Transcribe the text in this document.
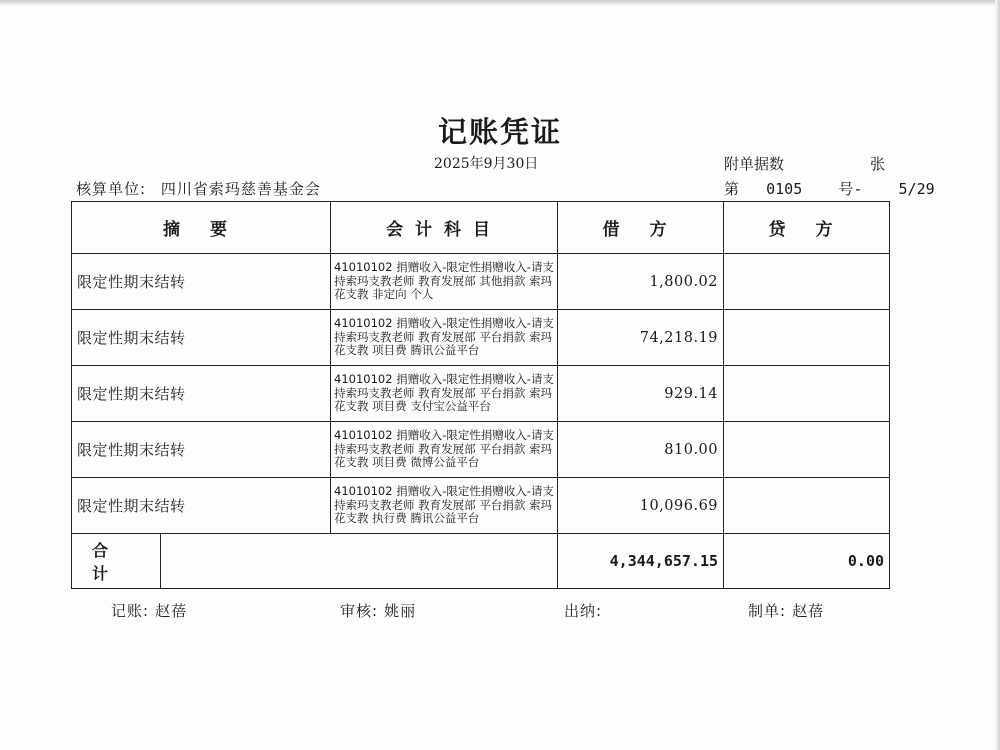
记账凭证
2025年9月30日	附单据数	张
核算单位: 四川省索玛慈善基金会	第 0105 号- 5/29
摘 要		会计科目	借 方	贷 方
限定性期末结转		41010102 捐赠收入-限定性捐赠收入-请支持索玛支教老师 教育发展部 其他捐款 索玛花支教 非定向 个人	1,800.02	
限定性期末结转		41010102 捐赠收入-限定性捐赠收入-请支持索玛支教老师 教育发展部 平台捐款 索玛花支教 项目费 腾讯公益平台	74,218.19	
限定性期末结转		41010102 捐赠收入-限定性捐赠收入-请支持索玛支教老师 教育发展部 平台捐款 索玛花支教 项目费 支付宝公益平台	929.14	
限定性期末结转		41010102 捐赠收入-限定性捐赠收入-请支持索玛支教老师 教育发展部 平台捐款 索玛花支教 项目费 微博公益平台	810.00	
限定性期末结转		41010102 捐赠收入-限定性捐赠收入-请支持索玛支教老师 教育发展部 平台捐款 索玛花支教 执行费 腾讯公益平台	10,096.69	
合 计			4,344,657.15	0.00
记账: 赵蓓	审核: 姚丽	出纳:	制单: 赵蓓
